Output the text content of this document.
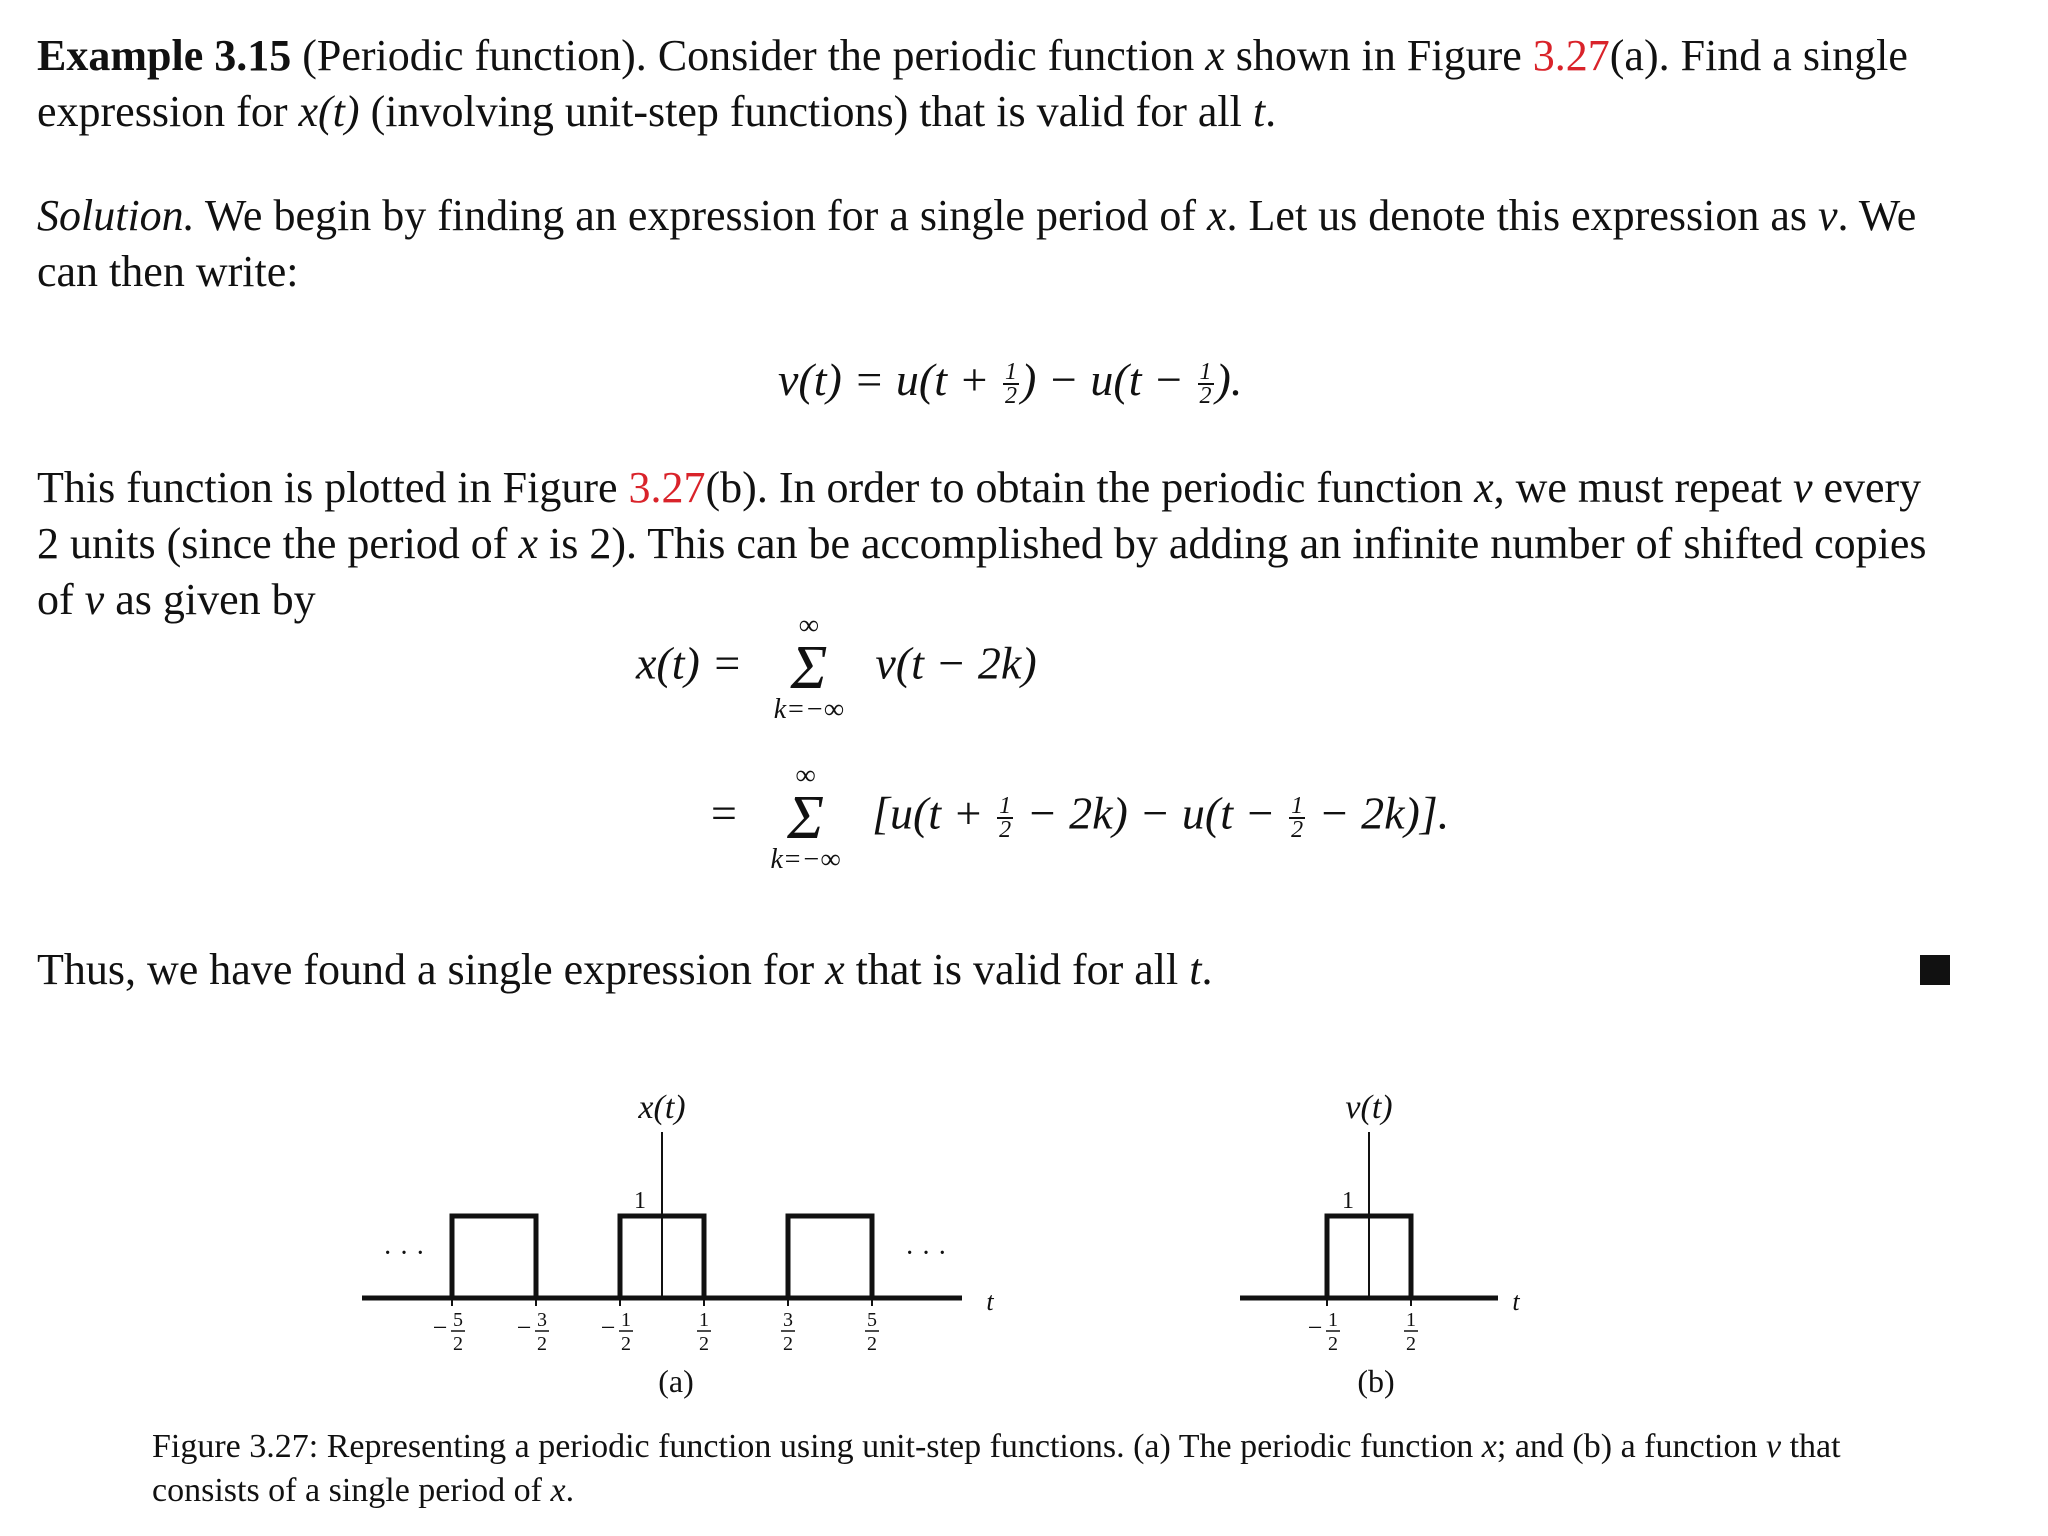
Example 3.15 (Periodic function). Consider the periodic function x shown in Figure 3.27(a). Find a single expression for x(t) (involving unit-step functions) that is valid for all t.

Solution. We begin by finding an expression for a single period of x. Let us denote this expression as v. We can then write:

$v(t) = u(t + \frac{1}{2}$ ) − $u(t - \frac{1}{2}$ ).

This function is plotted in Figure 3.27(b). In order to obtain the periodic function x, we must repeat v every 2 units (since the period of x is 2). This can be accomplished by adding an infinite number of shifted copies of v as given by

x(t) =
∞
Σ
k=−∞
v(t − 2k)
=
∞
Σ
k=−∞
$[u(t + \frac{1}{2} - 2k) - u(t - \frac{1}{2} - 2k)]$.

Thus, we have found a single expression for x that is valid for all t.

− 5
2
− 3
2
− 1
2
1
2
3
2
5
2
x(t)
1
t
· · ·	· · ·
(a)
− 1
2
1
2
v(t)
1
t
(b)

Figure 3.27: Representing a periodic function using unit-step functions. (a) The periodic function x; and (b) a function v that consists of a single period of x.
